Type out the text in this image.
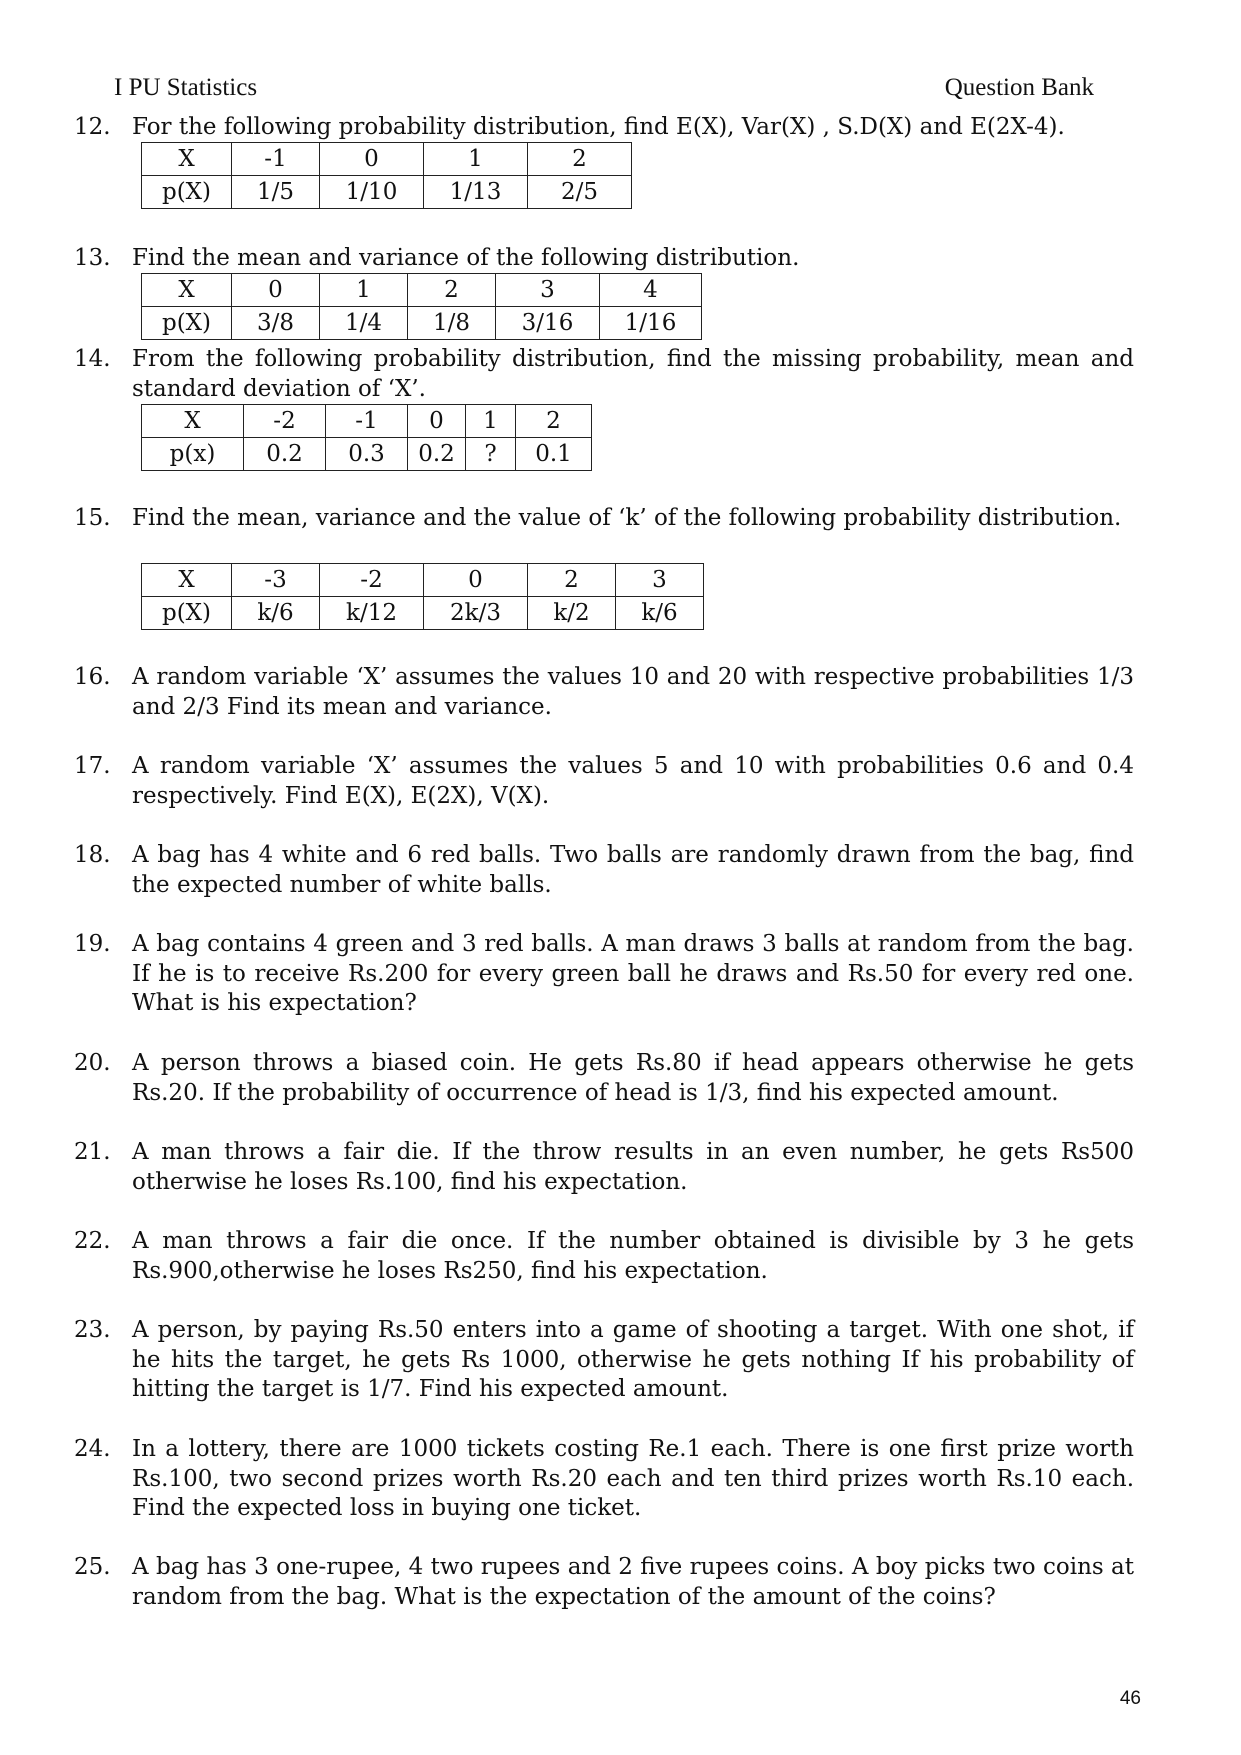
I PU Statistics	Question Bank
12. For the following probability distribution, find E(X), Var(X) , S.D(X) and E(2X-4).
X	-1	0	1	2
p(X)	1/5	1/10	1/13	2/5
13. Find the mean and variance of the following distribution.
X	0	1	2	3	4
p(X)	3/8	1/4	1/8	3/16	1/16
14. From the following probability distribution, find the missing probability, mean and standard deviation of ‘X’.
X	-2	-1	0	1	2
p(x)	0.2	0.3	0.2	?	0.1
15. Find the mean, variance and the value of ‘k’ of the following probability distribution.
X	-3	-2	0	2	3
p(X)	k/6	k/12	2k/3	k/2	k/6
16. A random variable ‘X’ assumes the values 10 and 20 with respective probabilities 1/3 and 2/3 Find its mean and variance.
17. A random variable ‘X’ assumes the values 5 and 10 with probabilities 0.6 and 0.4 respectively. Find E(X), E(2X), V(X).
18. A bag has 4 white and 6 red balls. Two balls are randomly drawn from the bag, find the expected number of white balls.
19. A bag contains 4 green and 3 red balls. A man draws 3 balls at random from the bag. If he is to receive Rs.200 for every green ball he draws and Rs.50 for every red one. What is his expectation?
20. A person throws a biased coin. He gets Rs.80 if head appears otherwise he gets Rs.20. If the probability of occurrence of head is 1/3, find his expected amount.
21. A man throws a fair die. If the throw results in an even number, he gets Rs500 otherwise he loses Rs.100, find his expectation.
22. A man throws a fair die once. If the number obtained is divisible by 3 he gets Rs.900,otherwise he loses Rs250, find his expectation.
23. A person, by paying Rs.50 enters into a game of shooting a target. With one shot, if he hits the target, he gets Rs 1000, otherwise he gets nothing If his probability of hitting the target is 1/7. Find his expected amount.
24. In a lottery, there are 1000 tickets costing Re.1 each. There is one first prize worth Rs.100, two second prizes worth Rs.20 each and ten third prizes worth Rs.10 each. Find the expected loss in buying one ticket.
25. A bag has 3 one-rupee, 4 two rupees and 2 five rupees coins. A boy picks two coins at random from the bag. What is the expectation of the amount of the coins?
46
